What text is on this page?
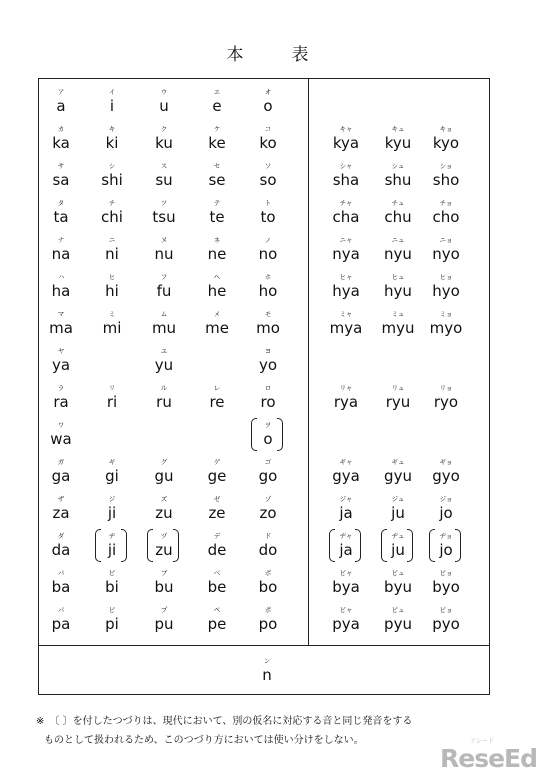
本	表
ア
a
イ
i
ウ
u
エ
e
オ
o
カ
ka
キ
ki
ク
ku
ケ
ke
コ
ko
サ
sa
シ
shi
ス
su
セ
se
ソ
so
タ
ta
チ
chi
ツ
tsu
テ
te
ト
to
ナ
na
ニ
ni
ヌ
nu
ネ
ne
ノ
no
ハ
ha
ヒ
hi
フ
fu
ヘ
he
ホ
ho
マ
ma
ミ
mi
ム
mu
メ
me
モ
mo
ヤ
ya
ユ
yu
ヨ
yo
ラ
ra
リ
ri
ル
ru
レ
re
ロ
ro
ワ
wa
ヲ
o
ガ
ga
ギ
gi
グ
gu
ゲ
ge
ゴ
go
ザ
za
ジ
ji
ズ
zu
ゼ
ze
ゾ
zo
ダ
da
ヂ
ji
ヅ
zu
デ
de
ド
do
バ
ba
ビ
bi
ブ
bu
ベ
be
ボ
bo
パ
pa
ピ
pi
プ
pu
ペ
pe
ポ
po
キャ
kya
キュ
kyu
キョ
kyo
シャ
sha
シュ
shu
ショ
sho
チャ
cha
チュ
chu
チョ
cho
ニャ
nya
ニュ
nyu
ニョ
nyo
ヒャ
hya
ヒュ
hyu
ヒョ
hyo
ミャ
mya
ミュ
myu
ミョ
myo
リャ
rya
リュ
ryu
リョ
ryo
ギャ
gya
ギュ
gyu
ギョ
gyo
ジャ
ja
ジュ
ju
ジョ
jo
ヂャ
ja
ヂュ
ju
ヂョ
jo
ビャ
bya
ビュ
byu
ビョ
byo
ピャ
pya
ピュ
pyu
ピョ
pyo
ン
n
※　 〔 〕を付したつづりは、現代において、別の仮名に対応する音と同じ発音をする
ものとして扱われるため、このつづり方においては使い分けをしない。
ReseEd
リシード
